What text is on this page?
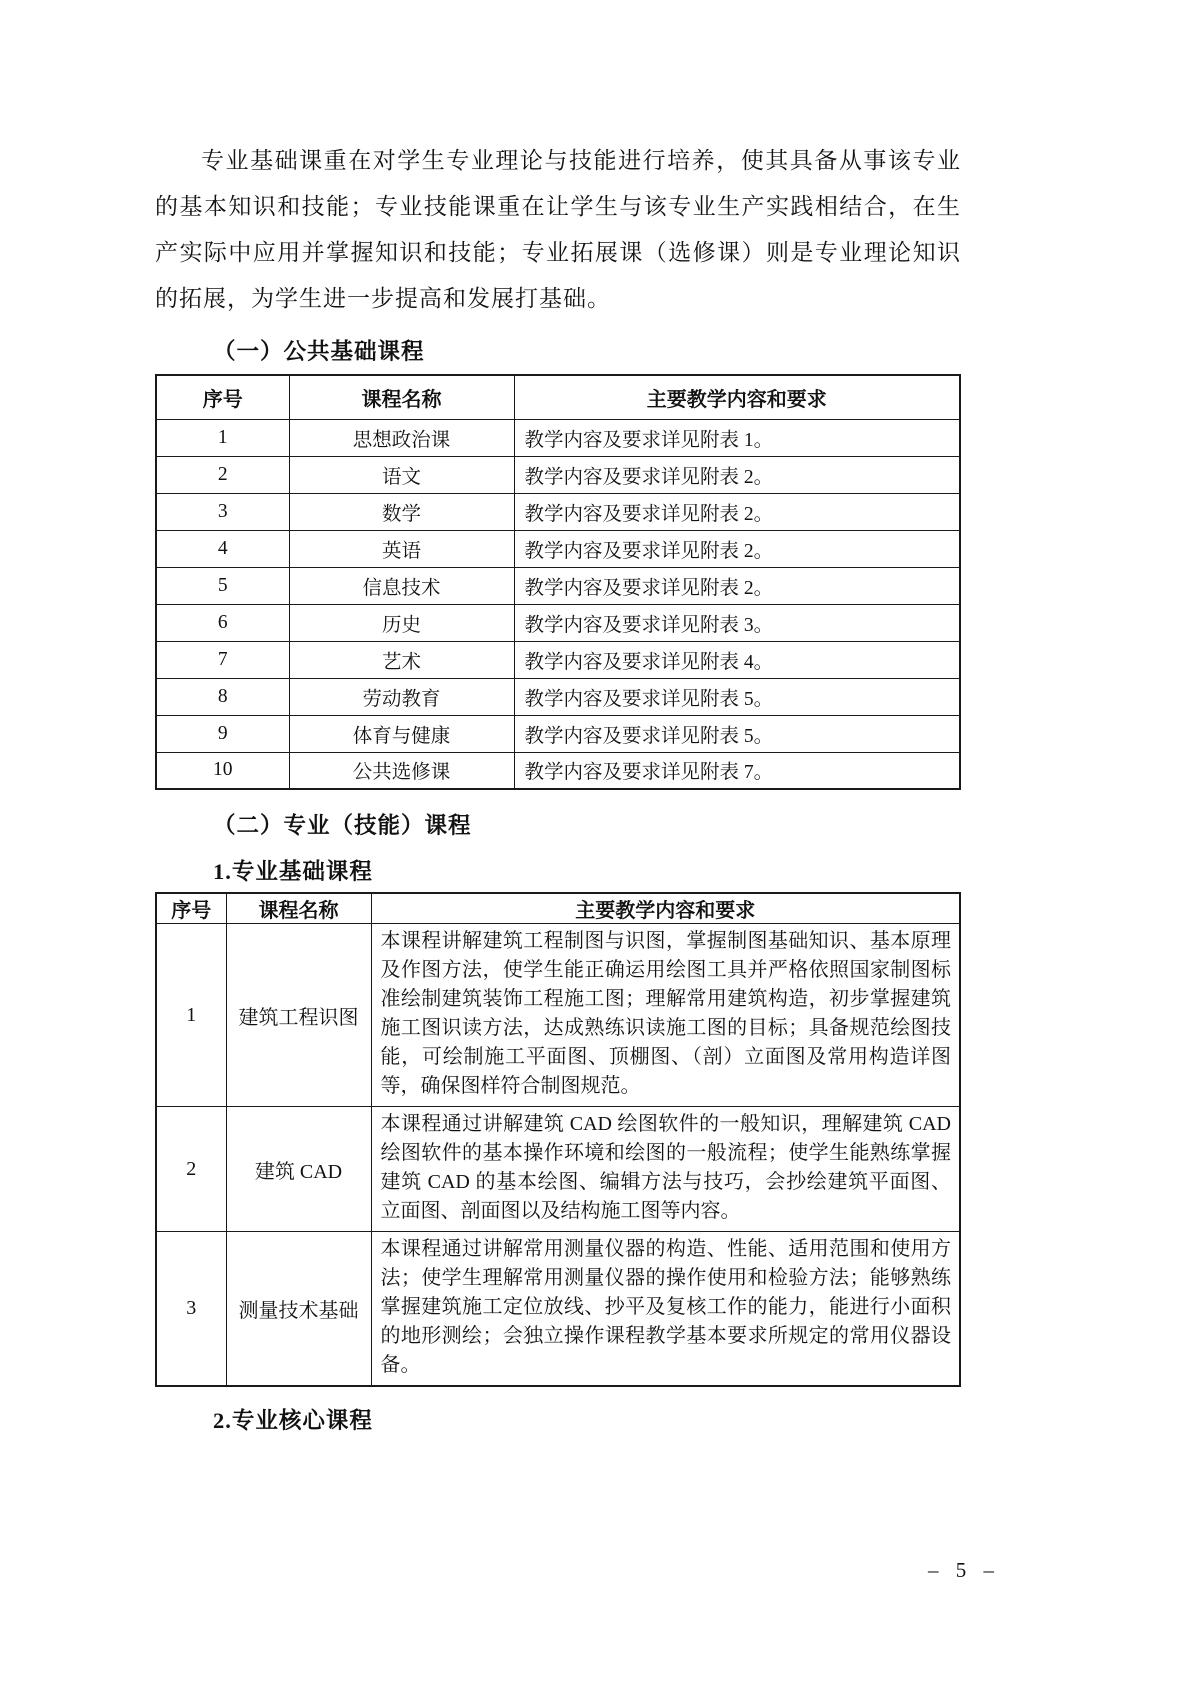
专业基础课重在对学生专业理论与技能进行培养，使其具备从事该专业的基本知识和技能；专业技能课重在让学生与该专业生产实践相结合，在生产实际中应用并掌握知识和技能；专业拓展课（选修课）则是专业理论知识的拓展，为学生进一步提高和发展打基础。

（一）公共基础课程
序号	课程名称	主要教学内容和要求
1	思想政治课	教学内容及要求详见附表 1。
2	语文	教学内容及要求详见附表 2。
3	数学	教学内容及要求详见附表 2。
4	英语	教学内容及要求详见附表 2。
5	信息技术	教学内容及要求详见附表 2。
6	历史	教学内容及要求详见附表 3。
7	艺术	教学内容及要求详见附表 4。
8	劳动教育	教学内容及要求详见附表 5。
9	体育与健康	教学内容及要求详见附表 5。
10	公共选修课	教学内容及要求详见附表 7。
（二）专业（技能）课程
1.专业基础课程
序号	课程名称	主要教学内容和要求
1	建筑工程识图	本课程讲解建筑工程制图与识图，掌握制图基础知识、基本原理及作图方法，使学生能正确运用绘图工具并严格依照国家制图标准绘制建筑装饰工程施工图；理解常用建筑构造，初步掌握建筑施工图识读方法，达成熟练识读施工图的目标；具备规范绘图技能，可绘制施工平面图、顶棚图、（剖）立面图及常用构造详图等，确保图样符合制图规范。
2	建筑 CAD	本课程通过讲解建筑 CAD 绘图软件的一般知识，理解建筑 CAD 绘图软件的基本操作环境和绘图的一般流程；使学生能熟练掌握建筑 CAD 的基本绘图、编辑方法与技巧，会抄绘建筑平面图、立面图、剖面图以及结构施工图等内容。
3	测量技术基础	本课程通过讲解常用测量仪器的构造、性能、适用范围和使用方法；使学生理解常用测量仪器的操作使用和检验方法；能够熟练掌握建筑施工定位放线、抄平及复核工作的能力，能进行小面积的地形测绘；会独立操作课程教学基本要求所规定的常用仪器设备。
2.专业核心课程
– 5 –
